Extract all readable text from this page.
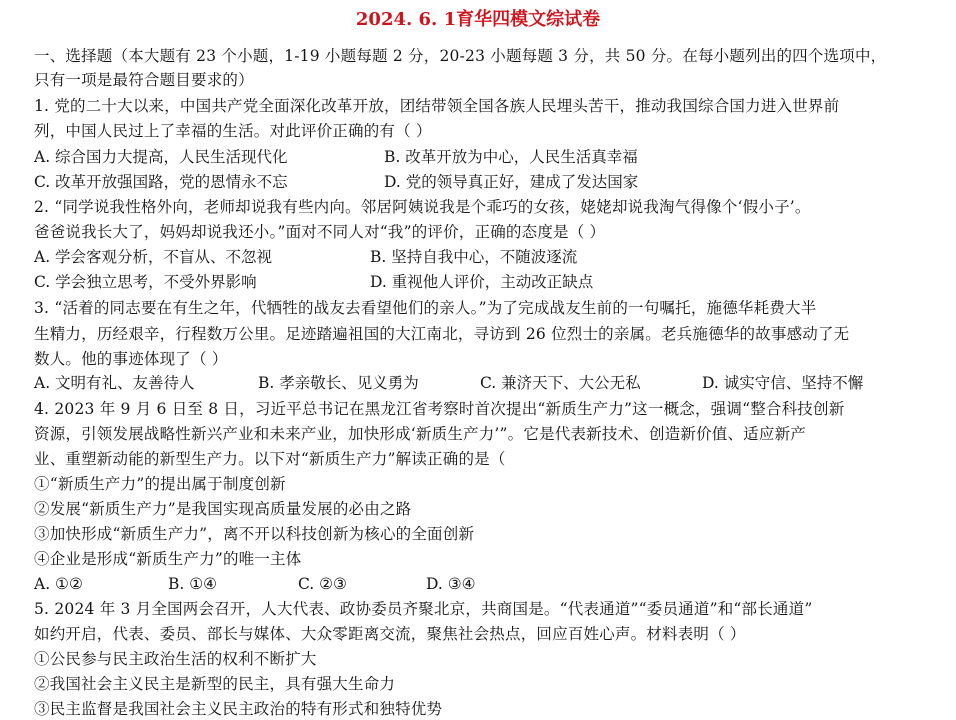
2024. 6. 1育华四模文综试卷
一、选择题（本大题有 23 个小题，1-19 小题每题 2 分，20-23 小题每题 3 分，共 50 分。在每小题列出的四个选项中，
只有一项是最符合题目要求的）
1. 党的二十大以来，中国共产党全面深化改革开放，团结带领全国各族人民埋头苦干，推动我国综合国力进入世界前
列，中国人民过上了幸福的生活。对此评价正确的有（ ）
A. 综合国力大提高，人民生活现代化	B. 改革开放为中心，人民生活真幸福
C. 改革开放强国路，党的恩情永不忘	D. 党的领导真正好，建成了发达国家
2. “同学说我性格外向，老师却说我有些内向。邻居阿姨说我是个乖巧的女孩，姥姥却说我淘气得像个‘假小子’。
爸爸说我长大了，妈妈却说我还小。”面对不同人对“我”的评价，正确的态度是（ ）
A. 学会客观分析，不盲从、不忽视	B. 坚持自我中心，不随波逐流
C. 学会独立思考，不受外界影响	D. 重视他人评价，主动改正缺点
3. “活着的同志要在有生之年，代牺牲的战友去看望他们的亲人。”为了完成战友生前的一句嘱托，施德华耗费大半
生精力，历经艰辛，行程数万公里。足迹踏遍祖国的大江南北，寻访到 26 位烈士的亲属。老兵施德华的故事感动了无
数人。他的事迹体现了（ ）
A. 文明有礼、友善待人	B. 孝亲敬长、见义勇为	C. 兼济天下、大公无私	D. 诚实守信、坚持不懈
4. 2023 年 9 月 6 日至 8 日，习近平总书记在黑龙江省考察时首次提出“新质生产力”这一概念，强调“整合科技创新
资源，引领发展战略性新兴产业和未来产业，加快形成‘新质生产力’”。它是代表新技术、创造新价值、适应新产
业、重塑新动能的新型生产力。以下对“新质生产力”解读正确的是（
①“新质生产力”的提出属于制度创新
②发展“新质生产力”是我国实现高质量发展的必由之路
③加快形成“新质生产力”，离不开以科技创新为核心的全面创新
④企业是形成“新质生产力”的唯一主体
A. ①②	B. ①④	C. ②③	D. ③④
5. 2024 年 3 月全国两会召开，人大代表、政协委员齐聚北京，共商国是。“代表通道”“委员通道”和“部长通道”
如约开启，代表、委员、部长与媒体、大众零距离交流，聚焦社会热点，回应百姓心声。材料表明（ ）
①公民参与民主政治生活的权利不断扩大
②我国社会主义民主是新型的民主，具有强大生命力
③民主监督是我国社会主义民主政治的特有形式和独特优势
